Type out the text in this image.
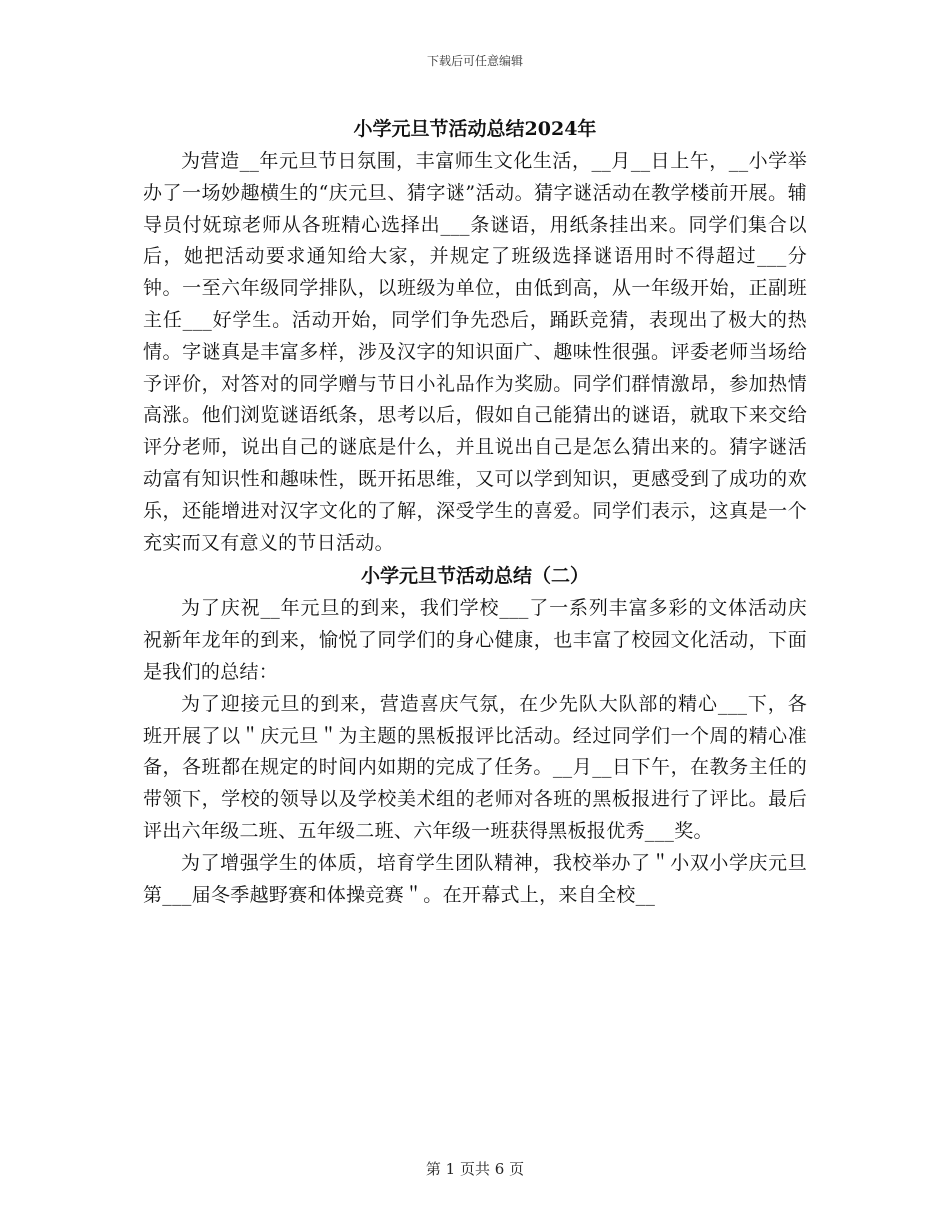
下载后可任意编辑
小学元旦节活动总结2024年

为营造__年元旦节日氛围，丰富师生文化生活，__月__日上午，__小学举办了一场妙趣横生的“庆元旦、猜字谜”活动。猜字谜活动在教学楼前开展。辅导员付妩琼老师从各班精心选择出___条谜语，用纸条挂出来。同学们集合以后，她把活动要求通知给大家，并规定了班级选择谜语用时不得超过___分钟。一至六年级同学排队，以班级为单位，由低到高，从一年级开始，正副班主任___好学生。活动开始，同学们争先恐后，踊跃竞猜，表现出了极大的热情。字谜真是丰富多样，涉及汉字的知识面广、趣味性很强。评委老师当场给予评价，对答对的同学赠与节日小礼品作为奖励。同学们群情激昂，参加热情高涨。他们浏览谜语纸条，思考以后，假如自己能猜出的谜语，就取下来交给评分老师，说出自己的谜底是什么，并且说出自己是怎么猜出来的。猜字谜活动富有知识性和趣味性，既开拓思维，又可以学到知识，更感受到了成功的欢乐，还能增进对汉字文化的了解，深受学生的喜爱。同学们表示，这真是一个充实而又有意义的节日活动。

小学元旦节活动总结（二）

为了庆祝__年元旦的到来，我们学校___了一系列丰富多彩的文体活动庆祝新年龙年的到来，愉悦了同学们的身心健康，也丰富了校园文化活动，下面是我们的总结：

为了迎接元旦的到来，营造喜庆气氛，在少先队大队部的精心___下，各班开展了以＂庆元旦＂为主题的黑板报评比活动。经过同学们一个周的精心准备，各班都在规定的时间内如期的完成了任务。__月__日下午，在教务主任的带领下，学校的领导以及学校美术组的老师对各班的黑板报进行了评比。最后评出六年级二班、五年级二班、六年级一班获得黑板报优秀___奖。

为了增强学生的体质，培育学生团队精神，我校举办了＂小双小学庆元旦第___届冬季越野赛和体操竞赛＂。在开幕式上，来自全校__

第 1 页共 6 页
